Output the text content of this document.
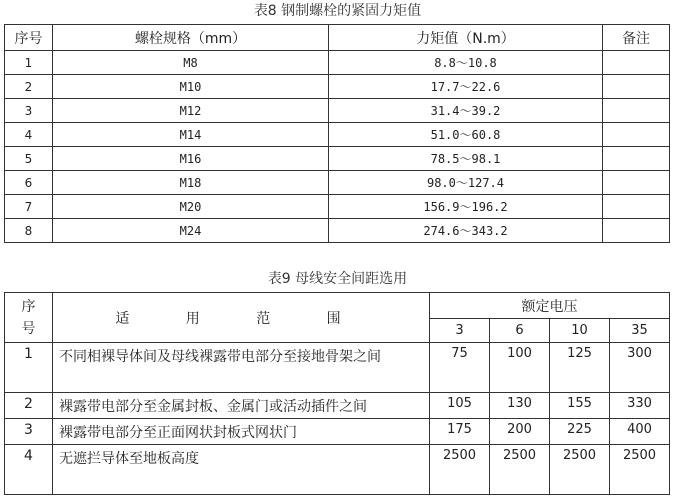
表8 钢制螺栓的紧固力矩值
序号	螺栓规格（mm）	力矩值（N.m）	备注
1	M8	8.8～10.8	
2	M10	17.7～22.6	
3	M12	31.4～39.2	
4	M14	51.0～60.8	
5	M16	78.5～98.1	
6	M18	98.0～127.4	
7	M20	156.9～196.2	
8	M24	274.6～343.2	
表9 母线安全间距选用
序号	适 用 范 围	额定电压			
		3	6	10	35
1	不同相裸导体间及母线裸露带电部分至接地骨架之间	75	100	125	300
2	裸露带电部分至金属封板、金属门或活动插件之间	105	130	155	330
3	裸露带电部分至正面网状封板式网状门	175	200	225	400
4	无遮拦导体至地板高度	2500	2500	2500	2500
